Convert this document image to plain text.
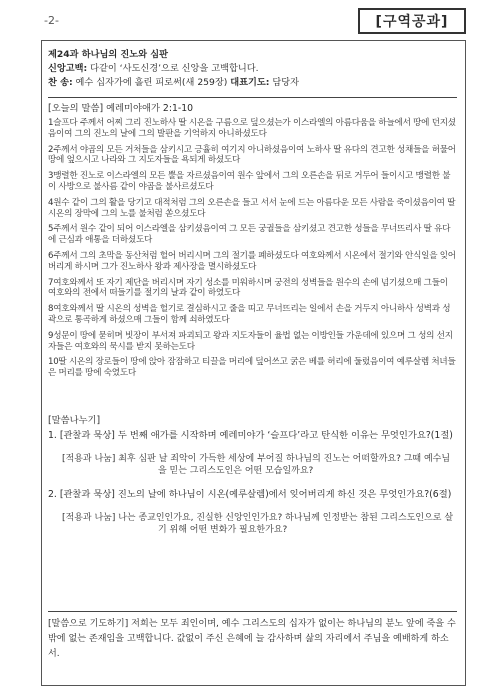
-2-	[구역공과]
제24과 하나님의 진노와 심판
신앙고백: 다같이 ‘사도신경’으로 신앙을 고백합니다.
찬 송: 예수 십자가에 흘린 피로써(새 259장) 대표기도: 담당자
[오늘의 말씀] 예레미야애가 2:1-10

1슬프다 주께서 어찌 그리 진노하사 딸 시온을 구름으로 덮으셨는가 이스라엘의 아름다움을 하늘에서 땅에 던지셨음이여 그의 진노의 날에 그의 발판을 기억하지 아니하셨도다

2주께서 야곱의 모든 거처들을 삼키시고 긍휼히 여기지 아니하셨음이여 노하사 딸 유다의 견고한 성채들을 허물어 땅에 엎으시고 나라와 그 지도자들을 욕되게 하셨도다

3맹렬한 진노로 이스라엘의 모든 뿔을 자르셨음이여 원수 앞에서 그의 오른손을 뒤로 거두어 들이시고 맹렬한 불이 사방으로 불사름 같이 야곱을 불사르셨도다

4원수 같이 그의 활을 당기고 대적처럼 그의 오른손을 들고 서서 눈에 드는 아름다운 모든 사람을 죽이셨음이여 딸 시온의 장막에 그의 노를 불처럼 쏟으셨도다

5주께서 원수 같이 되어 이스라엘을 삼키셨음이여 그 모든 궁궐들을 삼키셨고 견고한 성들을 무너뜨리사 딸 유다에 근심과 애통을 더하셨도다

6주께서 그의 초막을 동산처럼 헐어 버리시며 그의 절기를 폐하셨도다 여호와께서 시온에서 절기와 안식일을 잊어버리게 하시며 그가 진노하사 왕과 제사장을 멸시하셨도다

7여호와께서 또 자기 제단을 버리시며 자기 성소를 미워하시며 궁전의 성벽들을 원수의 손에 넘기셨으매 그들이 여호와의 전에서 떠들기를 절기의 날과 같이 하였도다

8여호와께서 딸 시온의 성벽을 헐기로 결심하시고 줄을 띠고 무너뜨리는 일에서 손을 거두지 아니하사 성벽과 성곽으로 통곡하게 하셨으매 그들이 함께 쇠하였도다

9성문이 땅에 묻히며 빗장이 부서져 파괴되고 왕과 지도자들이 율법 없는 이방인들 가운데에 있으며 그 성의 선지자들은 여호와의 묵시를 받지 못하는도다

10딸 시온의 장로들이 땅에 앉아 잠잠하고 티끌을 머리에 덮어쓰고 굵은 베를 허리에 둘렀음이여 예루살렘 처녀들은 머리를 땅에 숙였도다

[말씀나누기]

1. [관찰과 묵상] 두 번째 애가를 시작하며 예레미야가 ‘슬프다’라고 탄식한 이유는 무엇인가요?(1절)

[적용과 나눔] 최후 심판 날 죄악이 가득한 세상에 부어질 하나님의 진노는 어떠할까요? 그때 예수님을 믿는 그리스도인은 어떤 모습일까요?

2. [관찰과 묵상] 진노의 날에 하나님이 시온(예루살렘)에서 잊어버리게 하신 것은 무엇인가요?(6절)

[적용과 나눔] 나는 종교인인가요, 진실한 신앙인인가요? 하나님께 인정받는 참된 그리스도인으로 살기 위해 어떤 변화가 필요한가요?

[말씀으로 기도하기] 저희는 모두 죄인이며, 예수 그리스도의 십자가 없이는 하나님의 분노 앞에 죽을 수밖에 없는 존재임을 고백합니다. 값없이 주신 은혜에 늘 감사하며 삶의 자리에서 주님을 예배하게 하소서.
